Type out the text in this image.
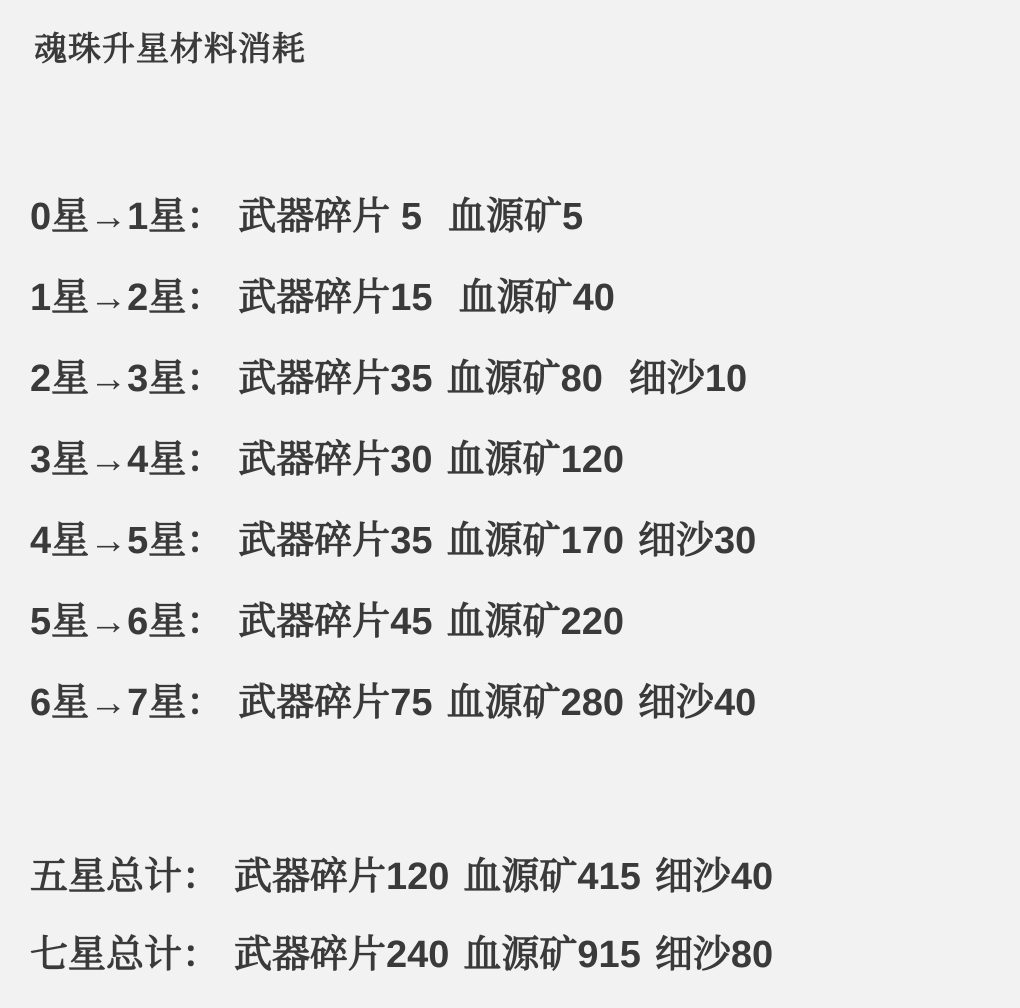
魂珠升星材料消耗
0星→1星： 武器碎片 5 血源矿5
1星→2星： 武器碎片15 血源矿40
2星→3星： 武器碎片35 血源矿80 细沙10
3星→4星： 武器碎片30 血源矿120
4星→5星： 武器碎片35 血源矿170 细沙30
5星→6星： 武器碎片45 血源矿220
6星→7星： 武器碎片75 血源矿280 细沙40
五星总计： 武器碎片120 血源矿415 细沙40
七星总计： 武器碎片240 血源矿915 细沙80
